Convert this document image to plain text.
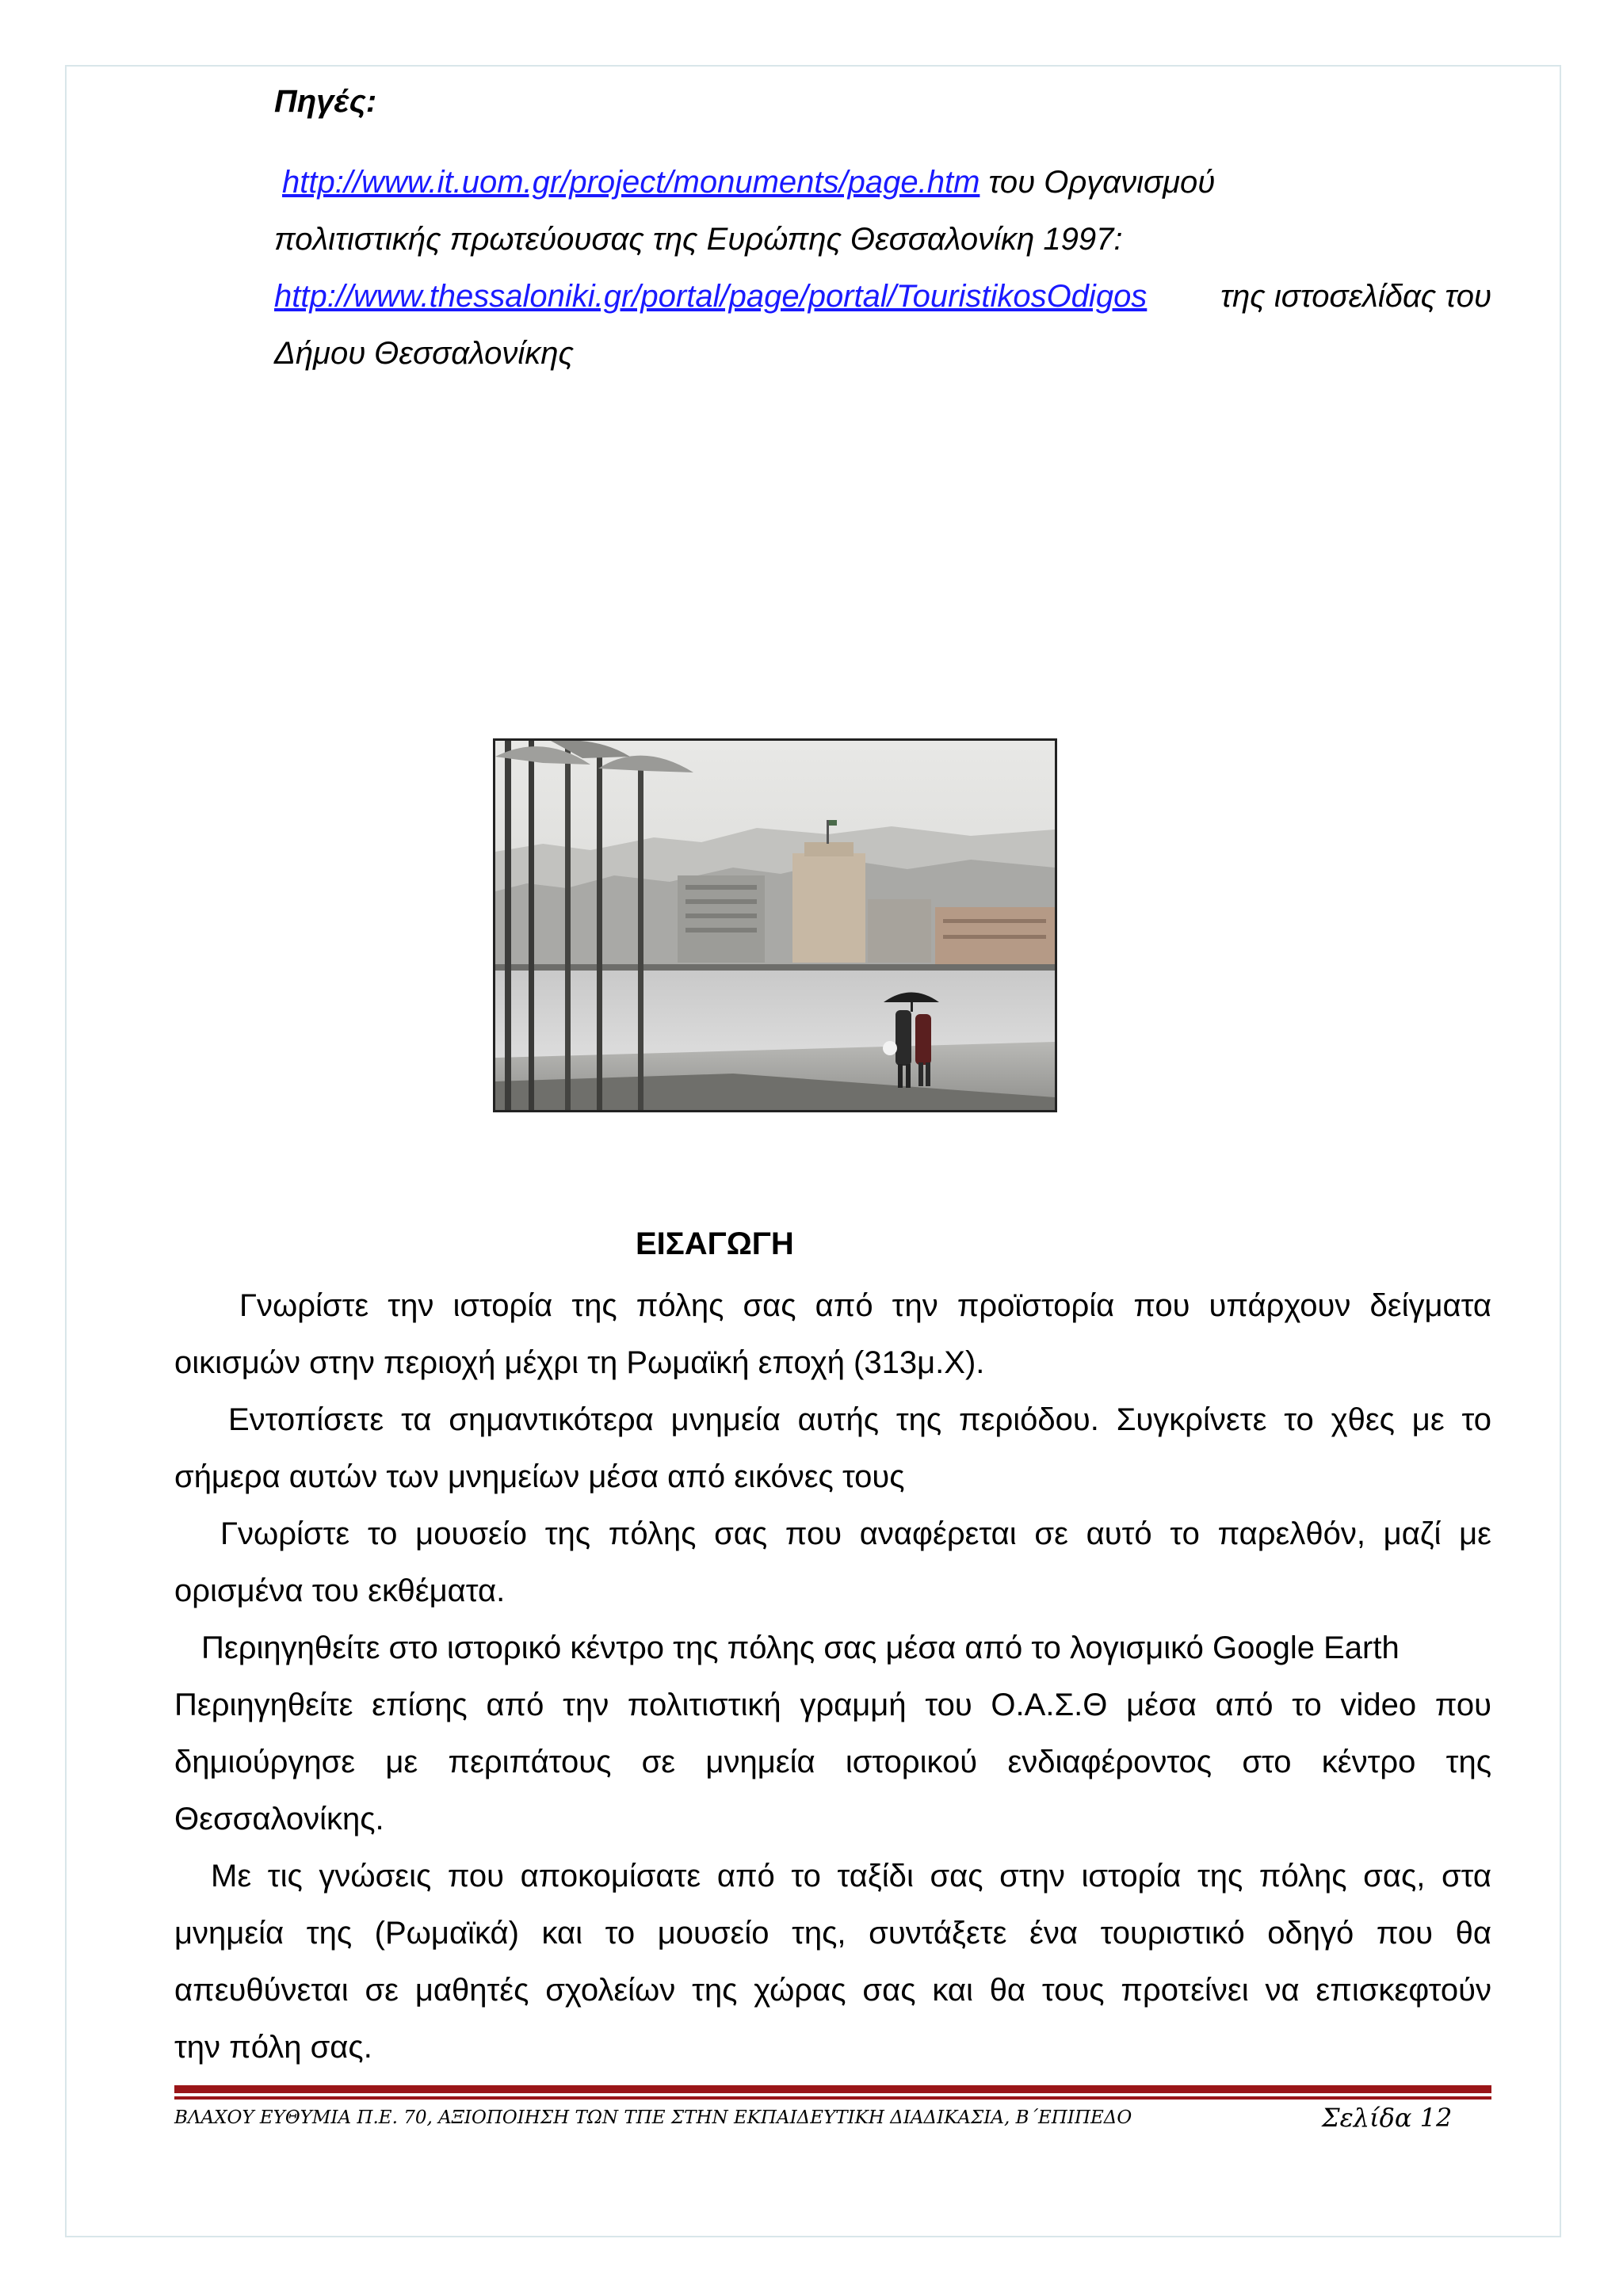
Πηγές:
http://www.it.uom.gr/project/monuments/page.htm του Οργανισμού
πολιτιστικής πρωτεύουσας της Ευρώπης Θεσσαλονίκη 1997:
http://www.thessaloniki.gr/portal/page/portal/TouristikosOdigos της ιστοσελίδας του
Δήμου Θεσσαλονίκης
ΕΙΣΑΓΩΓΗ

Γνωρίστε την ιστορία της πόλης σας από την προϊστορία που υπάρχουν δείγματα

οικισμών στην περιοχή μέχρι τη Ρωμαϊκή εποχή (313μ.Χ).

Εντοπίσετε τα σημαντικότερα μνημεία αυτής της περιόδου. Συγκρίνετε το χθες με το

σήμερα αυτών των μνημείων μέσα από εικόνες τους

Γνωρίστε το μουσείο της πόλης σας που αναφέρεται σε αυτό το παρελθόν, μαζί με

ορισμένα του εκθέματα.

Περιηγηθείτε στο ιστορικό κέντρο της πόλης σας μέσα από το λογισμικό Google Earth

Περιηγηθείτε επίσης από την πολιτιστική γραμμή του Ο.Α.Σ.Θ μέσα από το video που

δημιούργησε με περιπάτους σε μνημεία ιστορικού ενδιαφέροντος στο κέντρο της

Θεσσαλονίκης.

Με τις γνώσεις που αποκομίσατε από το ταξίδι σας στην ιστορία της πόλης σας, στα

μνημεία της (Ρωμαϊκά) και το μουσείο της, συντάξετε ένα τουριστικό οδηγό που θα

απευθύνεται σε μαθητές σχολείων της χώρας σας και θα τους προτείνει να επισκεφτούν

την πόλη σας.

ΒΛΑΧΟΥ ΕΥΘΥΜΙΑ Π.Ε. 70, ΑΞΙΟΠΟΙΗΣΗ ΤΩΝ ΤΠΕ ΣΤΗΝ ΕΚΠΑΙΔΕΥΤΙΚΗ ΔΙΑΔΙΚΑΣΙΑ, Β΄ΕΠΙΠΕΔΟ	Σελίδα 12
